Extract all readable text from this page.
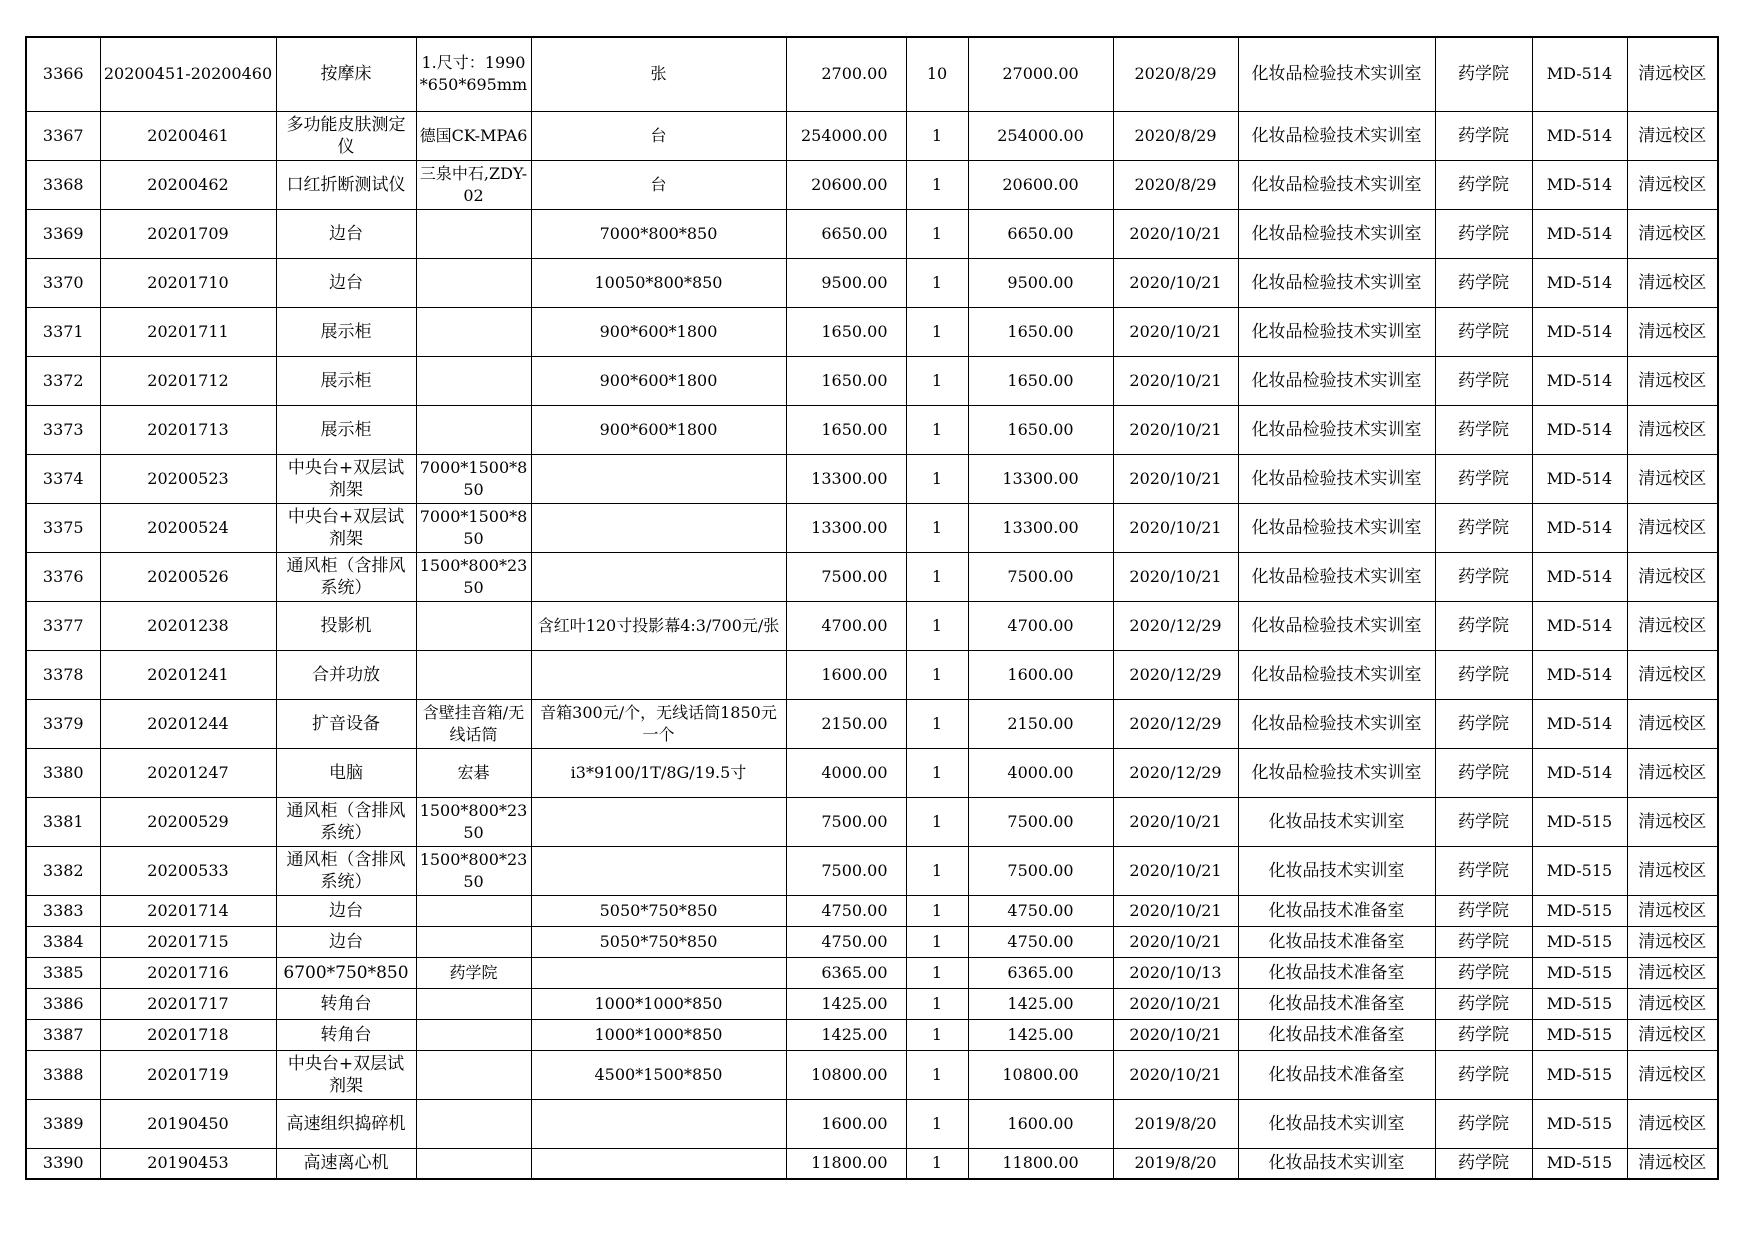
3366	20200451-20200460	按摩床	1.尺寸：1990*650*695mm	张	2700.00	10	27000.00	2020/8/29	化妆品检验技术实训室	药学院	MD-514	清远校区
3367	20200461	多功能皮肤测定仪	德国CK-MPA6	台	254000.00	1	254000.00	2020/8/29	化妆品检验技术实训室	药学院	MD-514	清远校区
3368	20200462	口红折断测试仪	三泉中石,ZDY-02	台	20600.00	1	20600.00	2020/8/29	化妆品检验技术实训室	药学院	MD-514	清远校区
3369	20201709	边台		7000*800*850	6650.00	1	6650.00	2020/10/21	化妆品检验技术实训室	药学院	MD-514	清远校区
3370	20201710	边台		10050*800*850	9500.00	1	9500.00	2020/10/21	化妆品检验技术实训室	药学院	MD-514	清远校区
3371	20201711	展示柜		900*600*1800	1650.00	1	1650.00	2020/10/21	化妆品检验技术实训室	药学院	MD-514	清远校区
3372	20201712	展示柜		900*600*1800	1650.00	1	1650.00	2020/10/21	化妆品检验技术实训室	药学院	MD-514	清远校区
3373	20201713	展示柜		900*600*1800	1650.00	1	1650.00	2020/10/21	化妆品检验技术实训室	药学院	MD-514	清远校区
3374	20200523	中央台+双层试剂架	7000*1500*850		13300.00	1	13300.00	2020/10/21	化妆品检验技术实训室	药学院	MD-514	清远校区
3375	20200524	中央台+双层试剂架	7000*1500*850		13300.00	1	13300.00	2020/10/21	化妆品检验技术实训室	药学院	MD-514	清远校区
3376	20200526	通风柜（含排风系统）	1500*800*2350		7500.00	1	7500.00	2020/10/21	化妆品检验技术实训室	药学院	MD-514	清远校区
3377	20201238	投影机		含红叶120寸投影幕4:3/700元/张	4700.00	1	4700.00	2020/12/29	化妆品检验技术实训室	药学院	MD-514	清远校区
3378	20201241	合并功放			1600.00	1	1600.00	2020/12/29	化妆品检验技术实训室	药学院	MD-514	清远校区
3379	20201244	扩音设备	含壁挂音箱/无线话筒	音箱300元/个，无线话筒1850元一个	2150.00	1	2150.00	2020/12/29	化妆品检验技术实训室	药学院	MD-514	清远校区
3380	20201247	电脑	宏碁	i3*9100/1T/8G/19.5寸	4000.00	1	4000.00	2020/12/29	化妆品检验技术实训室	药学院	MD-514	清远校区
3381	20200529	通风柜（含排风系统）	1500*800*2350		7500.00	1	7500.00	2020/10/21	化妆品技术实训室	药学院	MD-515	清远校区
3382	20200533	通风柜（含排风系统）	1500*800*2350		7500.00	1	7500.00	2020/10/21	化妆品技术实训室	药学院	MD-515	清远校区
3383	20201714	边台		5050*750*850	4750.00	1	4750.00	2020/10/21	化妆品技术准备室	药学院	MD-515	清远校区
3384	20201715	边台		5050*750*850	4750.00	1	4750.00	2020/10/21	化妆品技术准备室	药学院	MD-515	清远校区
3385	20201716	6700*750*850	药学院		6365.00	1	6365.00	2020/10/13	化妆品技术准备室	药学院	MD-515	清远校区
3386	20201717	转角台		1000*1000*850	1425.00	1	1425.00	2020/10/21	化妆品技术准备室	药学院	MD-515	清远校区
3387	20201718	转角台		1000*1000*850	1425.00	1	1425.00	2020/10/21	化妆品技术准备室	药学院	MD-515	清远校区
3388	20201719	中央台+双层试剂架		4500*1500*850	10800.00	1	10800.00	2020/10/21	化妆品技术准备室	药学院	MD-515	清远校区
3389	20190450	高速组织捣碎机			1600.00	1	1600.00	2019/8/20	化妆品技术实训室	药学院	MD-515	清远校区
3390	20190453	高速离心机			11800.00	1	11800.00	2019/8/20	化妆品技术实训室	药学院	MD-515	清远校区
